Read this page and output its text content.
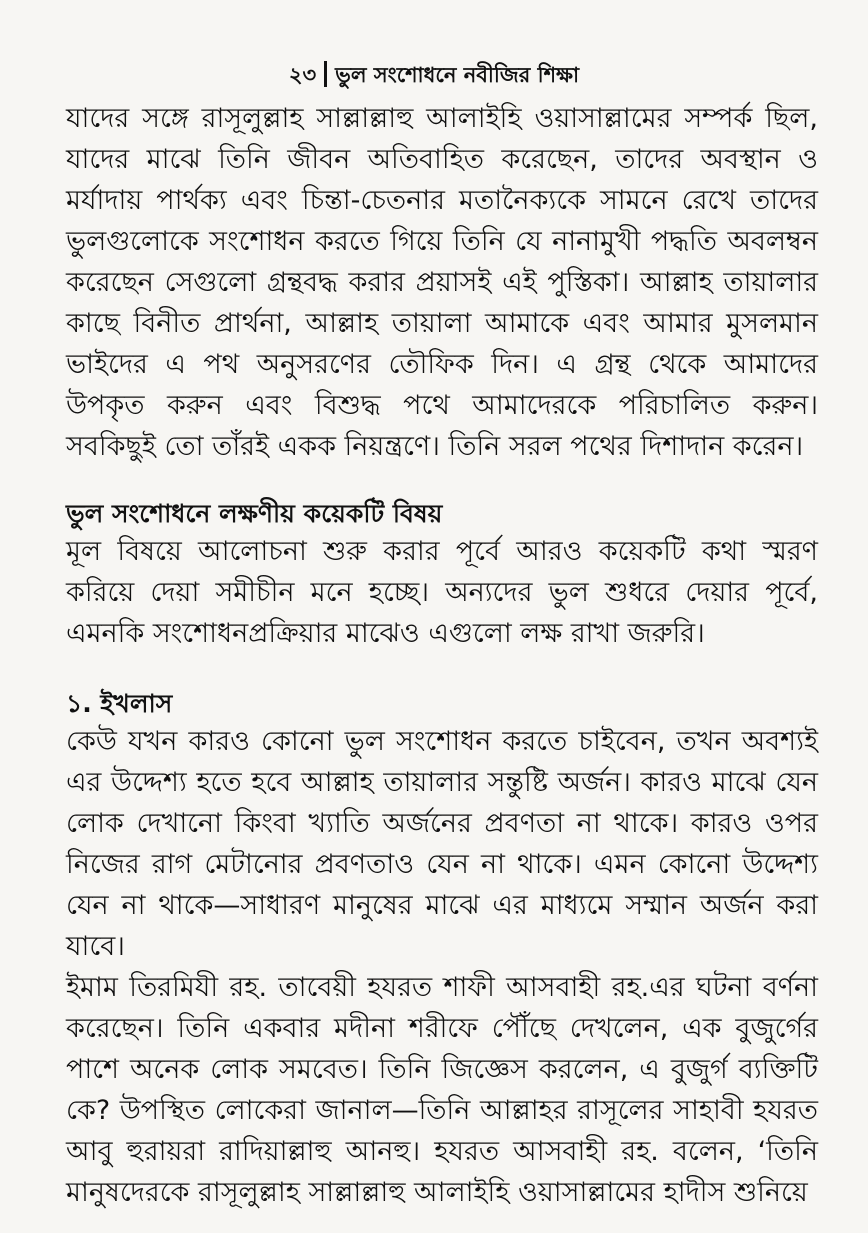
২৩ ভুল সংশোধনে নবীজির শিক্ষা

যাদের সঙ্গে রাসূলুল্লাহ সাল্লাল্লাহু আলাইহি ওয়াসাল্লামের সম্পর্ক ছিল, যাদের মাঝে তিনি জীবন অতিবাহিত করেছেন, তাদের অবস্থান ও মর্যাদায় পার্থক্য এবং চিন্তা-চেতনার মতানৈক্যকে সামনে রেখে তাদের ভুলগুলোকে সংশোধন করতে গিয়ে তিনি যে নানামুখী পদ্ধতি অবলম্বন করেছেন সেগুলো গ্রন্থবদ্ধ করার প্রয়াসই এই পুস্তিকা। আল্লাহ তায়ালার কাছে বিনীত প্রার্থনা, আল্লাহ তায়ালা আমাকে এবং আমার মুসলমান ভাইদের এ পথ অনুসরণের তৌফিক দিন। এ গ্রন্থ থেকে আমাদের উপকৃত করুন এবং বিশুদ্ধ পথে আমাদেরকে পরিচালিত করুন। সবকিছুই তো তাঁরই একক নিয়ন্ত্রণে। তিনি সরল পথের দিশাদান করেন।

ভুল সংশোধনে লক্ষণীয় কয়েকটি বিষয়

মূল বিষয়ে আলোচনা শুরু করার পূর্বে আরও কয়েকটি কথা স্মরণ করিয়ে দেয়া সমীচীন মনে হচ্ছে। অন্যদের ভুল শুধরে দেয়ার পূর্বে, এমনকি সংশোধনপ্রক্রিয়ার মাঝেও এগুলো লক্ষ রাখা জরুরি।

১. ইখলাস

কেউ যখন কারও কোনো ভুল সংশোধন করতে চাইবেন, তখন অবশ্যই এর উদ্দেশ্য হতে হবে আল্লাহ তায়ালার সন্তুষ্টি অর্জন। কারও মাঝে যেন লোক দেখানো কিংবা খ্যাতি অর্জনের প্রবণতা না থাকে। কারও ওপর নিজের রাগ মেটানোর প্রবণতাও যেন না থাকে। এমন কোনো উদ্দেশ্য যেন না থাকে—সাধারণ মানুষের মাঝে এর মাধ্যমে সম্মান অর্জন করা যাবে।

ইমাম তিরমিযী রহ. তাবেয়ী হযরত শাফী আসবাহী রহ.এর ঘটনা বর্ণনা করেছেন। তিনি একবার মদীনা শরীফে পৌঁছে দেখলেন, এক বুজুর্গের পাশে অনেক লোক সমবেত। তিনি জিজ্ঞেস করলেন, এ বুজুর্গ ব্যক্তিটি কে? উপস্থিত লোকেরা জানাল—তিনি আল্লাহর রাসূলের সাহাবী হযরত আবু হুরায়রা রাদিয়াল্লাহু আনহু। হযরত আসবাহী রহ. বলেন, ‘তিনি মানুষদেরকে রাসূলুল্লাহ সাল্লাল্লাহু আলাইহি ওয়াসাল্লামের হাদীস শুনিয়ে
